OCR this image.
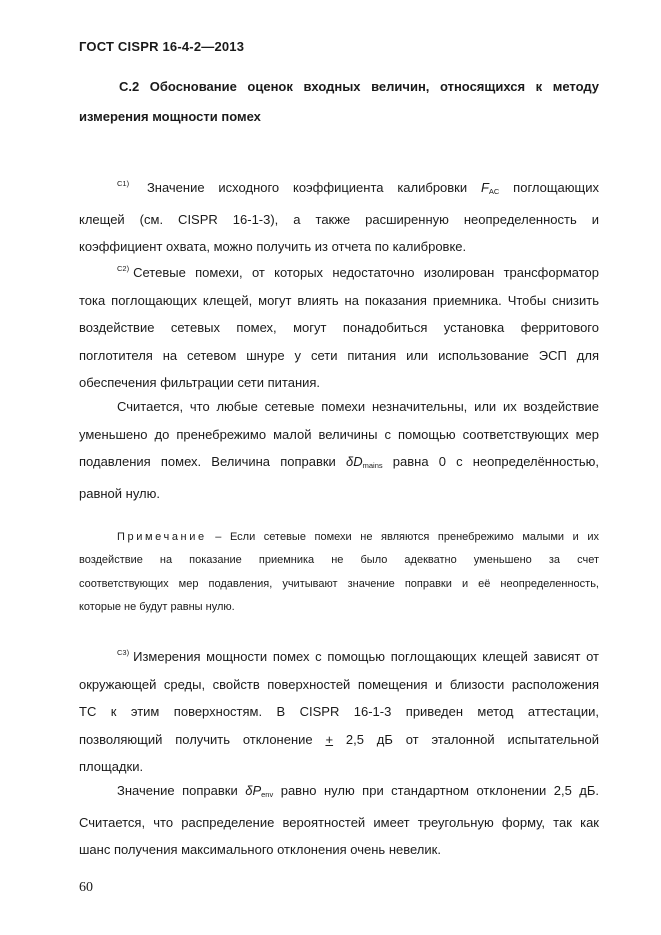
ГОСТ CISPR 16-4-2—2013
С.2 Обоснование оценок входных величин, относящихся к методу
измерения мощности помех
$^{C1)}$ Значение исходного коэффициента калибровки $F_{AC}$ поглощающих
клещей (см. CISPR 16-1-3), а также расширенную неопределенность и
коэффициент охвата, можно получить из отчета по калибровке.
$^{C2)}$ Сетевые помехи, от которых недостаточно изолирован трансформатор
тока поглощающих клещей, могут влиять на показания приемника. Чтобы снизить
воздействие сетевых помех, могут понадобиться установка ферритового
поглотителя на сетевом шнуре у сети питания или использование ЭСП для
обеспечения фильтрации сети питания.
Считается, что любые сетевые помехи незначительны, или их воздействие
уменьшено до пренебрежимо малой величины с помощью соответствующих мер
подавления помех. Величина поправки $\delta D_{mains}$ равна 0 с неопределённостью,
равной нулю.
Примечание – Если сетевые помехи не являются пренебрежимо малыми и их
воздействие на показание приемника не было адекватно уменьшено за счет
соответствующих мер подавления, учитывают значение поправки и её неопределенность,
которые не будут равны нулю.
$^{C3)}$ Измерения мощности помех с помощью поглощающих клещей зависят от
окружающей среды, свойств поверхностей помещения и близости расположения
ТС к этим поверхностям. В CISPR 16-1-3 приведен метод аттестации,
позволяющий получить отклонение + 2,5 дБ от эталонной испытательной
площадки.
Значение поправки $\delta P_{env}$ равно нулю при стандартном отклонении 2,5 дБ.
Считается, что распределение вероятностей имеет треугольную форму, так как
шанс получения максимального отклонения очень невелик.
60
